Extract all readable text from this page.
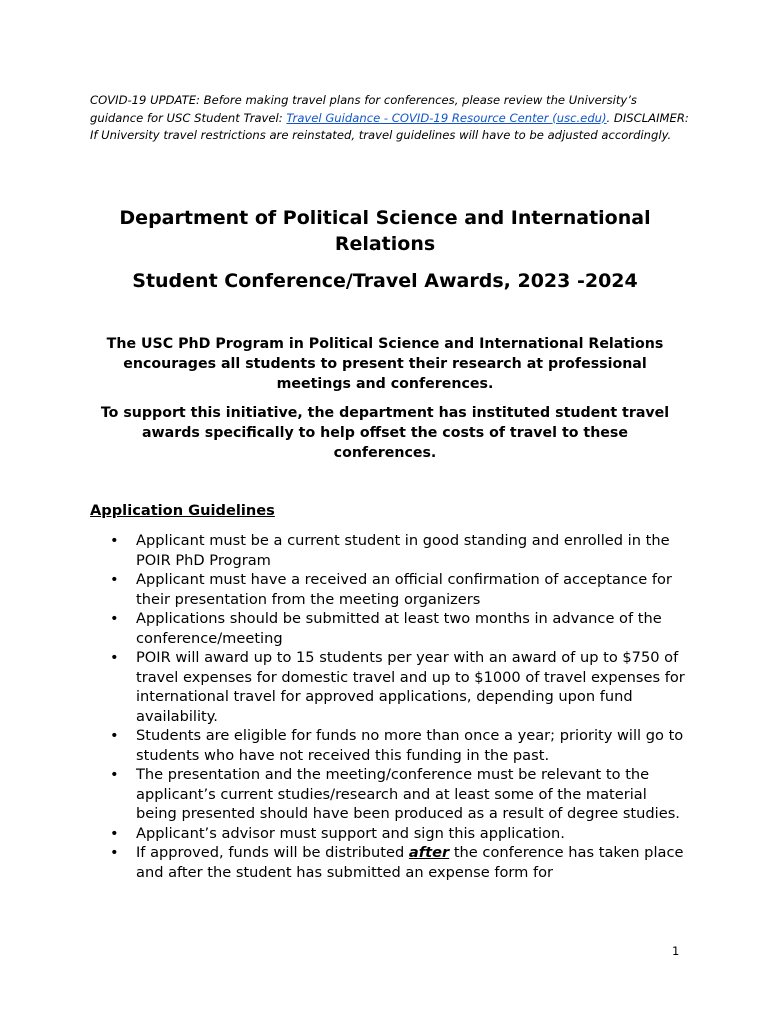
COVID-19 UPDATE: Before making travel plans for conferences, please review the University’s guidance for USC Student Travel: Travel Guidance - COVID-19 Resource Center (usc.edu). DISCLAIMER: If University travel restrictions are reinstated, travel guidelines will have to be adjusted accordingly.

Department of Political Science and International Relations
Student Conference/Travel Awards, 2023 -2024
The USC PhD Program in Political Science and International Relations encourages all students to present their research at professional meetings and conferences.
To support this initiative, the department has instituted student travel awards specifically to help offset the costs of travel to these conferences.
Application Guidelines
• Applicant must be a current student in good standing and enrolled in the POIR PhD Program
• Applicant must have a received an official confirmation of acceptance for their presentation from the meeting organizers
• Applications should be submitted at least two months in advance of the conference/meeting
• POIR will award up to 15 students per year with an award of up to $750 of travel expenses for domestic travel and up to $1000 of travel expenses for international travel for approved applications, depending upon fund availability.
• Students are eligible for funds no more than once a year; priority will go to students who have not received this funding in the past.
• The presentation and the meeting/conference must be relevant to the applicant’s current studies/research and at least some of the material being presented should have been produced as a result of degree studies.
• Applicant’s advisor must support and sign this application.
• If approved, funds will be distributed after the conference has taken place and after the student has submitted an expense form for
1
